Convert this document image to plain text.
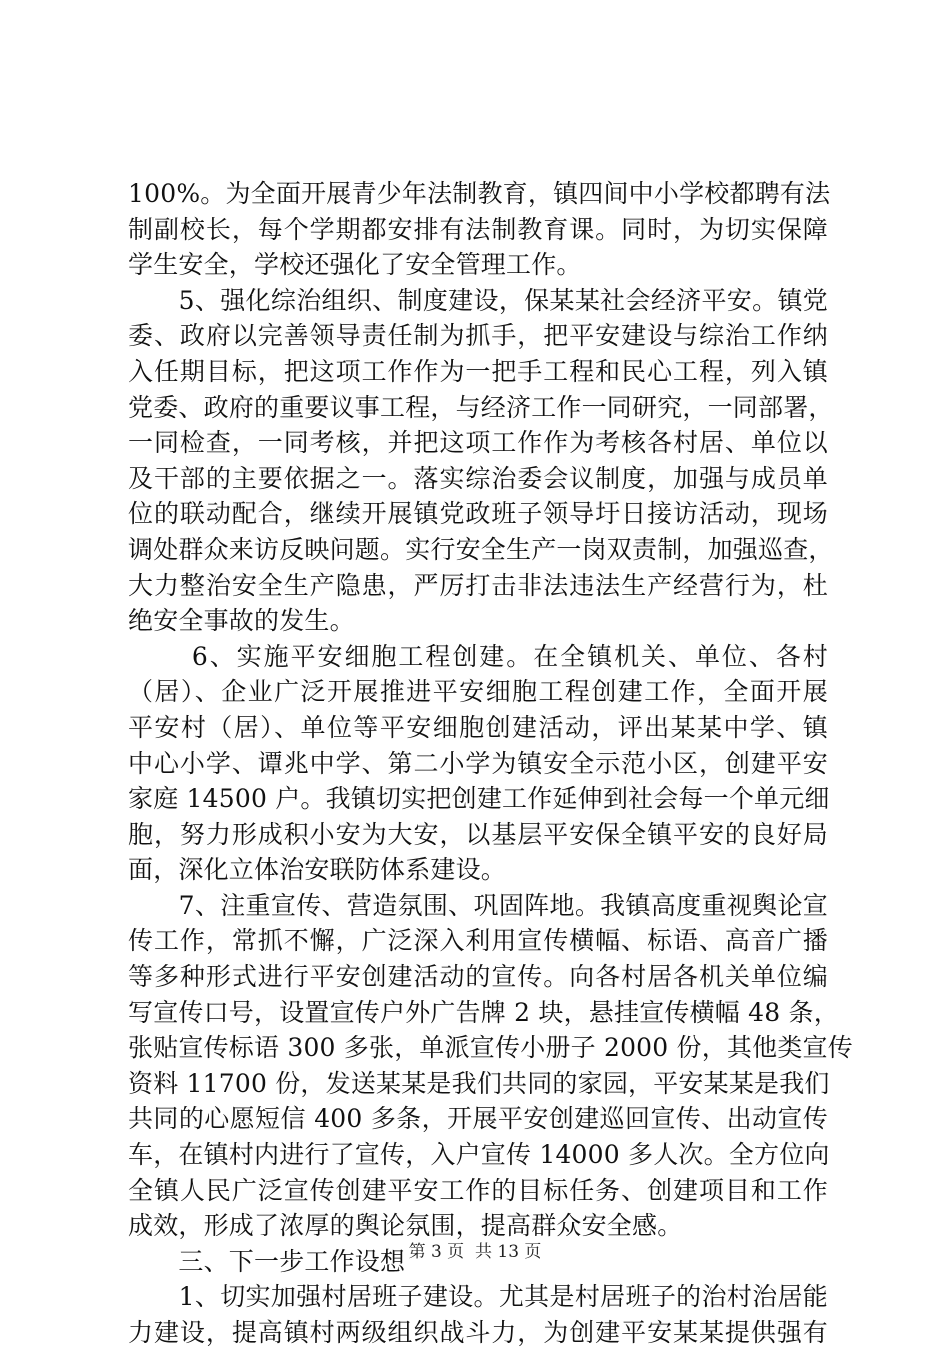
100%。为全面开展青少年法制教育，镇四间中小学校都聘有法
制副校长，每个学期都安排有法制教育课。同时，为切实保障
学生安全，学校还强化了安全管理工作。
　　5、强化综治组织、制度建设，保某某社会经济平安。镇党
委、政府以完善领导责任制为抓手，把平安建设与综治工作纳
入任期目标，把这项工作作为一把手工程和民心工程，列入镇
党委、政府的重要议事工程，与经济工作一同研究，一同部署，
一同检查，一同考核，并把这项工作作为考核各村居、单位以
及干部的主要依据之一。落实综治委会议制度，加强与成员单
位的联动配合，继续开展镇党政班子领导圩日接访活动，现场
调处群众来访反映问题。实行安全生产一岗双责制，加强巡查，
大力整治安全生产隐患，严厉打击非法违法生产经营行为，杜
绝安全事故的发生。
　　 6、实施平安细胞工程创建。在全镇机关、单位、各村
（居）、企业广泛开展推进平安细胞工程创建工作，全面开展
平安村（居）、单位等平安细胞创建活动，评出某某中学、镇
中心小学、谭兆中学、第二小学为镇安全示范小区，创建平安
家庭 14500 户。我镇切实把创建工作延伸到社会每一个单元细
胞，努力形成积小安为大安，以基层平安保全镇平安的良好局
面，深化立体治安联防体系建设。
　　7、注重宣传、营造氛围、巩固阵地。我镇高度重视舆论宣
传工作，常抓不懈，广泛深入利用宣传横幅、标语、高音广播
等多种形式进行平安创建活动的宣传。向各村居各机关单位编
写宣传口号，设置宣传户外广告牌 2 块，悬挂宣传横幅 48 条，
张贴宣传标语 300 多张，单派宣传小册子 2000 份，其他类宣传
资料 11700 份，发送某某是我们共同的家园，平安某某是我们
共同的心愿短信 400 多条，开展平安创建巡回宣传、出动宣传
车，在镇村内进行了宣传，入户宣传 14000 多人次。全方位向
全镇人民广泛宣传创建平安工作的目标任务、创建项目和工作
成效，形成了浓厚的舆论氛围，提高群众安全感。
　　三、下一步工作设想
　　1、切实加强村居班子建设。尤其是村居班子的治村治居能
力建设，提高镇村两级组织战斗力，为创建平安某某提供强有
第 3 页  共 13 页
